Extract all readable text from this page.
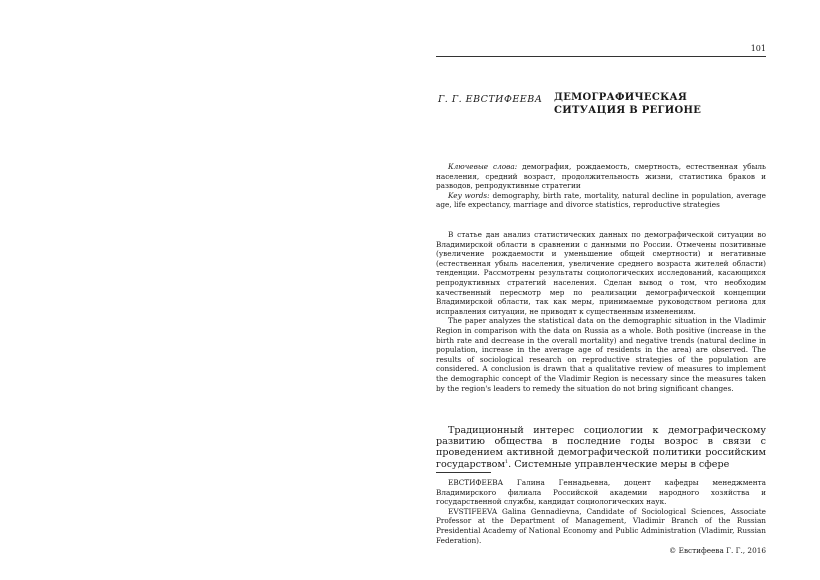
101
Г. Г. ЕВСТИФЕЕВА ДЕМОГРАФИЧЕСКАЯ
СИТУАЦИЯ В РЕГИОНЕ

Ключевые слова: демография, рождаемость, смертность, естественная убыль населения, средний возраст, продолжительность жизни, статистика браков и разводов, репродуктивные стратегии

Key words: demography, birth rate, mortality, natural decline in population, average age, life expectancy, marriage and divorce statistics, reproductive strategies

В статье дан анализ статистических данных по демографической ситуации во Владимирской области в сравнении с данными по России. Отмечены позитивные (увеличение рождаемости и уменьшение общей смертности) и негативные (естественная убыль населения, увеличение среднего возраста жителей области) тенденции. Рассмотрены результаты социологических исследований, касающихся репродуктивных стратегий населения. Сделан вывод о том, что необходим качественный пересмотр мер по реализации демографической концепции Владимирской области, так как меры, принимаемые руководством региона для исправления ситуации, не приводят к существенным изменениям.

The paper analyzes the statistical data on the demographic situation in the Vladimir Region in comparison with the data on Russia as a whole. Both positive (increase in the birth rate and decrease in the overall mortality) and negative trends (natural decline in population, increase in the average age of residents in the area) are observed. The results of sociological research on reproductive strategies of the population are considered. A conclusion is drawn that a qualitative review of measures to implement the demographic concept of the Vladimir Region is necessary since the measures taken by the region's leaders to remedy the situation do not bring significant changes.

Традиционный интерес социологии к демографическому развитию общества в последние годы возрос в связи с проведением активной демографической политики российским государством$^1$. Системные управленческие меры в сфере

ЕВСТИФЕЕВА Галина Геннадьевна, доцент кафедры менеджмента Владимирского филиала Российской академии народного хозяйства и государственной службы, кандидат социологических наук.

EVSTIFEEVA Galina Gennadievna, Candidate of Sociological Sciences, Associate Professor at the Department of Management, Vladimir Branch of the Russian Presidential Academy of National Economy and Public Administration (Vladimir, Russian Federation).

© Евстифеева Г. Г., 2016
